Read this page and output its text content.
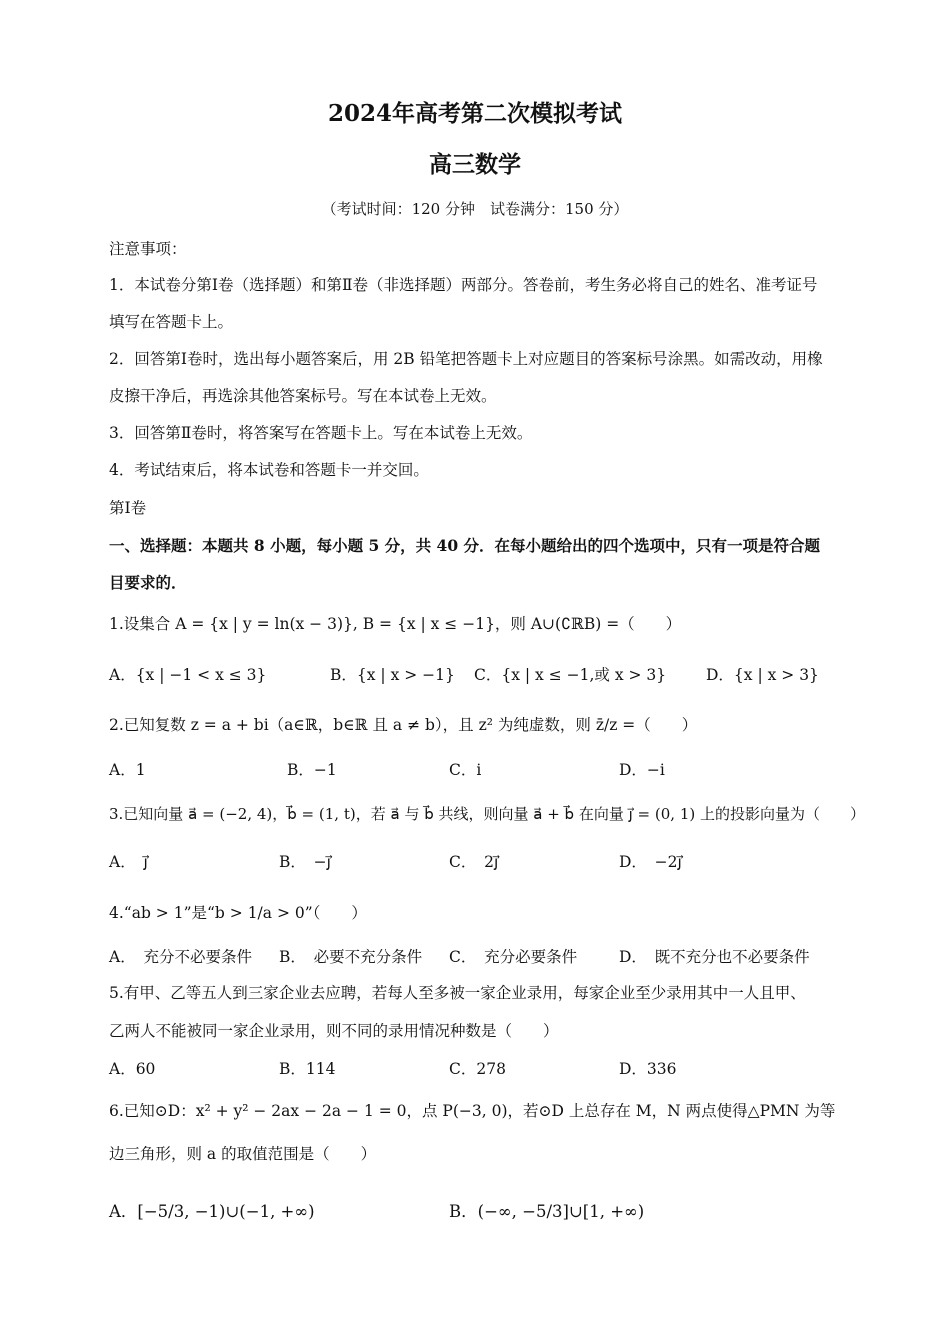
2024年高考第二次模拟考试
高三数学
（考试时间：120 分钟　试卷满分：150 分）
注意事项：
1．本试卷分第Ⅰ卷（选择题）和第Ⅱ卷（非选择题）两部分。答卷前，考生务必将自己的姓名、准考证号
填写在答题卡上。
2．回答第Ⅰ卷时，选出每小题答案后，用 2B 铅笔把答题卡上对应题目的答案标号涂黑。如需改动，用橡
皮擦干净后，再选涂其他答案标号。写在本试卷上无效。
3．回答第Ⅱ卷时，将答案写在答题卡上。写在本试卷上无效。
4．考试结束后，将本试卷和答题卡一并交回。
第Ⅰ卷
一、选择题：本题共 8 小题，每小题 5 分，共 40 分．在每小题给出的四个选项中，只有一项是符合题
目要求的．
1.设集合 A = {x | y = ln(x − 3)}, B = {x | x ≤ −1}，则 A∪(∁ℝB) =（　　）
A．{x | −1 < x ≤ 3}	B．{x | x > −1} C．{x | x ≤ −1,或 x > 3}	D．{x | x > 3}
2.已知复数 z = a + bi（a∈ℝ，b∈ℝ 且 a ≠ b），且 z² 为纯虚数，则 z̄/z =（　　）
A．1	B．−1	C．i	D．−i
3.已知向量 a⃗ = (−2, 4)，b⃗ = (1, t)，若 a⃗ 与 b⃗ 共线，则向量 a⃗ + b⃗ 在向量 j⃗ = (0, 1) 上的投影向量为（　　）
A．　j⃗	B．　−j⃗	C．　2j⃗	D．　−2j⃗
4.“ab > 1”是“b > 1/a > 0”（　　）
A．　充分不必要条件 B．　必要不充分条件 C．　充分必要条件	D．　既不充分也不必要条件
5.有甲、乙等五人到三家企业去应聘，若每人至多被一家企业录用，每家企业至少录用其中一人且甲、
乙两人不能被同一家企业录用，则不同的录用情况种数是（　　）
A．60	B．114	C．278	D．336
6.已知⊙D：x² + y² − 2ax − 2a − 1 = 0，点 P(−3, 0)，若⊙D 上总存在 M，N 两点使得△PMN 为等
边三角形，则 a 的取值范围是（　　）
A．[−5/3, −1)∪(−1, +∞)	B．(−∞, −5/3]∪[1, +∞)
